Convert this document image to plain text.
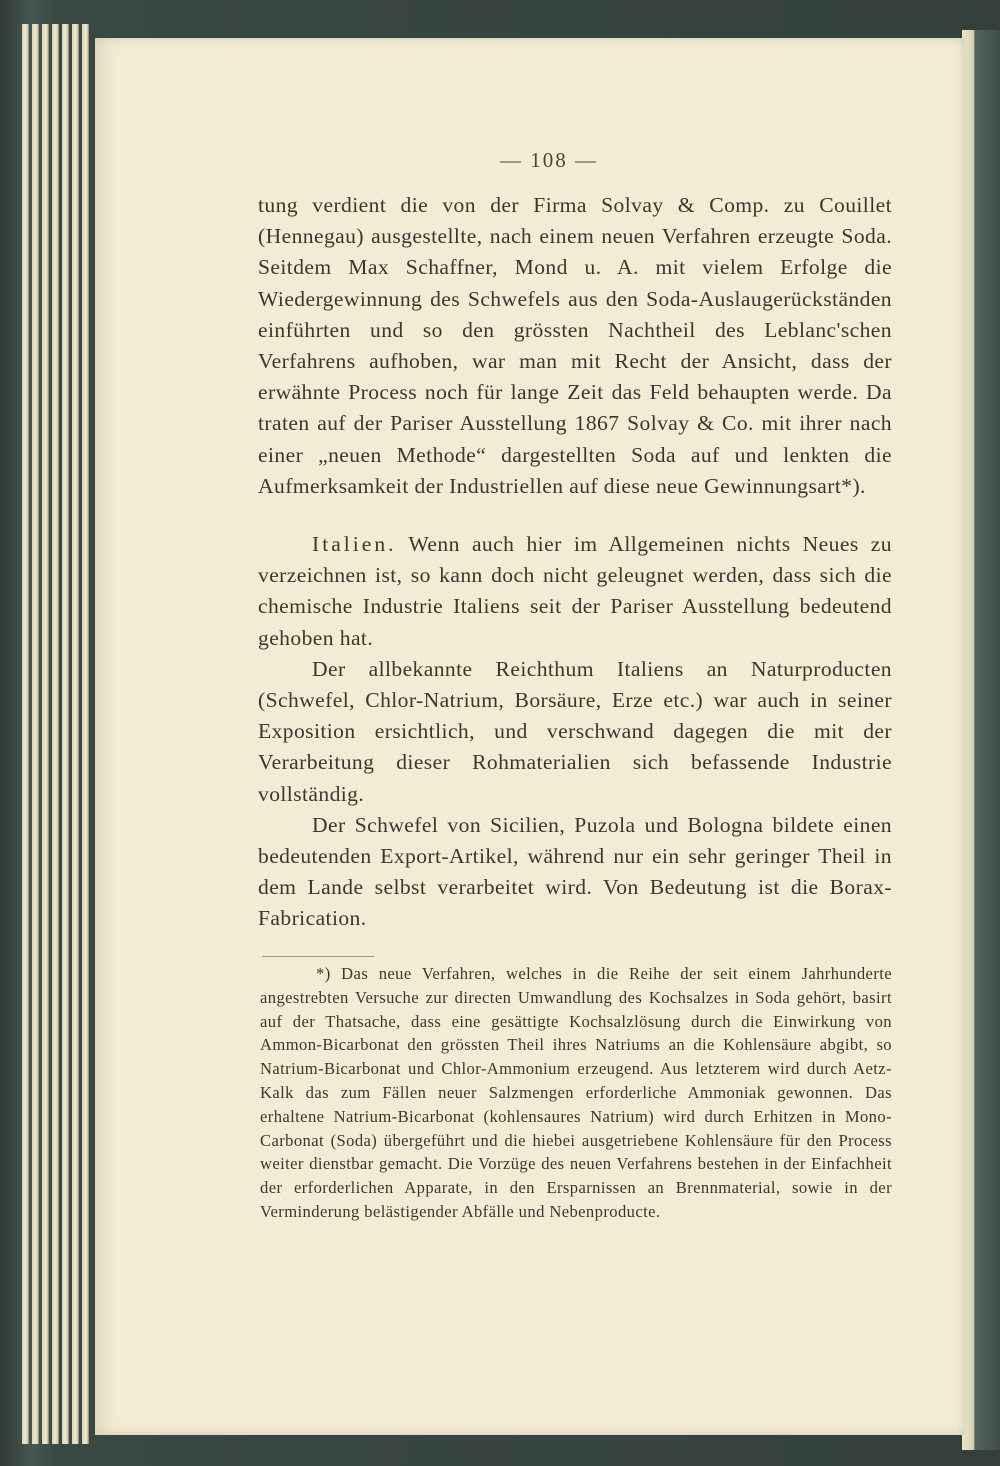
— 108 —

tung verdient die von der Firma Solvay & Comp. zu Couillet (Hennegau) ausgestellte, nach einem neuen Verfahren erzeugte Soda. Seitdem Max Schaffner, Mond u. A. mit vielem Erfolge die Wiedergewinnung des Schwefels aus den Soda-Auslaugerückständen einführten und so den grössten Nachtheil des Leblanc'schen Verfahrens aufhoben, war man mit Recht der Ansicht, dass der erwähnte Process noch für lange Zeit das Feld behaupten werde. Da traten auf der Pariser Ausstellung 1867 Solvay & Co. mit ihrer nach einer „neuen Methode“ dargestellten Soda auf und lenkten die Aufmerksamkeit der Industriellen auf diese neue Gewinnungsart*).

Italien. Wenn auch hier im Allgemeinen nichts Neues zu verzeichnen ist, so kann doch nicht geleugnet werden, dass sich die chemische Industrie Italiens seit der Pariser Ausstellung bedeutend gehoben hat.

Der allbekannte Reichthum Italiens an Naturproducten (Schwefel, Chlor-Natrium, Borsäure, Erze etc.) war auch in seiner Exposition ersichtlich, und verschwand dagegen die mit der Verarbeitung dieser Rohmaterialien sich befassende Industrie vollständig.

Der Schwefel von Sicilien, Puzola und Bologna bildete einen bedeutenden Export-Artikel, während nur ein sehr geringer Theil in dem Lande selbst verarbeitet wird. Von Bedeutung ist die Borax-Fabrication.

*) Das neue Verfahren, welches in die Reihe der seit einem Jahrhunderte angestrebten Versuche zur directen Umwandlung des Kochsalzes in Soda gehört, basirt auf der Thatsache, dass eine gesättigte Kochsalzlösung durch die Einwirkung von Ammon-Bicarbonat den grössten Theil ihres Natriums an die Kohlensäure abgibt, so Natrium-Bicarbonat und Chlor-Ammonium erzeugend. Aus letzterem wird durch Aetz-Kalk das zum Fällen neuer Salzmengen erforderliche Ammoniak gewonnen. Das erhaltene Natrium-Bicarbonat (kohlensaures Natrium) wird durch Erhitzen in Mono-Carbonat (Soda) übergeführt und die hiebei ausgetriebene Kohlensäure für den Process weiter dienstbar gemacht. Die Vorzüge des neuen Verfahrens bestehen in der Einfachheit der erforderlichen Apparate, in den Ersparnissen an Brennmaterial, sowie in der Verminderung belästigender Abfälle und Nebenproducte.
